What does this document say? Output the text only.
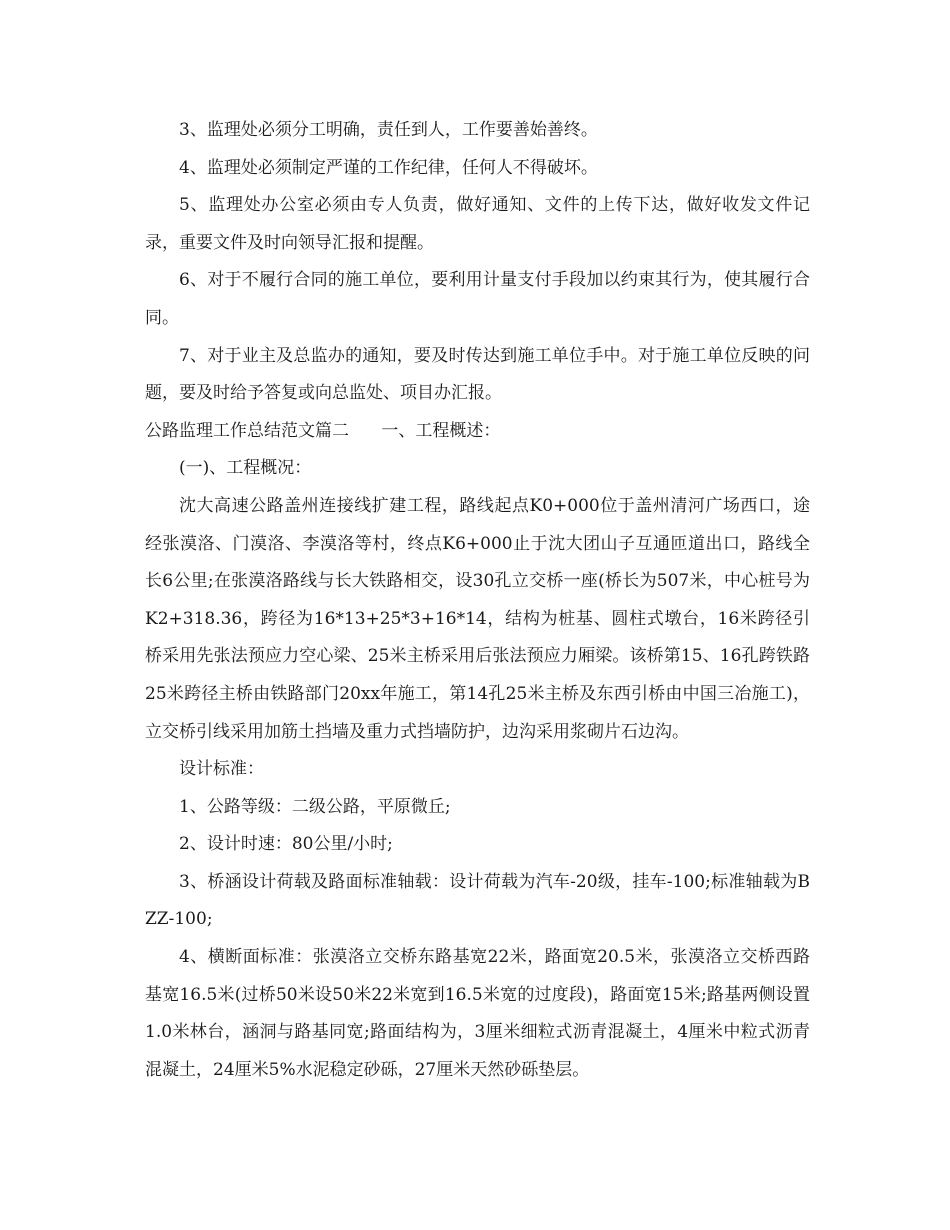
3、监理处必须分工明确，责任到人，工作要善始善终。

4、监理处必须制定严谨的工作纪律，任何人不得破坏。

5、监理处办公室必须由专人负责，做好通知、文件的上传下达，做好收发文件记录，重要文件及时向领导汇报和提醒。

6、对于不履行合同的施工单位，要利用计量支付手段加以约束其行为，使其履行合同。

7、对于业主及总监办的通知，要及时传达到施工单位手中。对于施工单位反映的问题，要及时给予答复或向总监处、项目办汇报。

公路监理工作总结范文篇二      一、工程概述：

(一)、工程概况：

沈大高速公路盖州连接线扩建工程，路线起点K0+000位于盖州清河广场西口，途经张漠洛、门漠洛、李漠洛等村，终点K6+000止于沈大团山子互通匝道出口，路线全长6公里;在张漠洛路线与长大铁路相交，设30孔立交桥一座(桥长为507米，中心桩号为K2+318.36，跨径为16*13+25*3+16*14，结构为桩基、圆柱式墩台，16米跨径引桥采用先张法预应力空心梁、25米主桥采用后张法预应力厢梁。该桥第15、16孔跨铁路25米跨径主桥由铁路部门20xx年施工，第14孔25米主桥及东西引桥由中国三冶施工)，立交桥引线采用加筋土挡墙及重力式挡墙防护，边沟采用浆砌片石边沟。

设计标准：

1、公路等级：二级公路，平原微丘;

2、设计时速：80公里/小时;

3、桥涵设计荷载及路面标准轴载：设计荷载为汽车-20级，挂车-100;标准轴载为BZZ-100;

4、横断面标准：张漠洛立交桥东路基宽22米，路面宽20.5米，张漠洛立交桥西路基宽16.5米(过桥50米设50米22米宽到16.5米宽的过度段)，路面宽15米;路基两侧设置1.0米林台，涵洞与路基同宽;路面结构为，3厘米细粒式沥青混凝土，4厘米中粒式沥青混凝土，24厘米5%水泥稳定砂砾，27厘米天然砂砾垫层。
